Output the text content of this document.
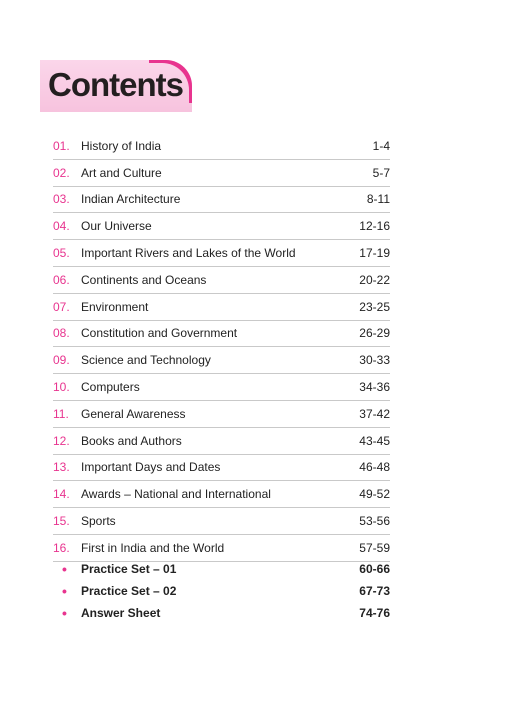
Contents
01. History of India	1-4
02. Art and Culture	5-7
03. Indian Architecture	8-11
04. Our Universe	12-16
05. Important Rivers and Lakes of the World	17-19
06. Continents and Oceans	20-22
07. Environment	23-25
08. Constitution and Government	26-29
09. Science and Technology	30-33
10. Computers	34-36
11.	General Awareness	37-42
12. Books and Authors	43-45
13. Important Days and Dates	46-48
14. Awards – National and International	49-52
15. Sports	53-56
16. First in India and the World	57-59
•	Practice Set – 01	60-66
•	Practice Set – 02	67-73
•	Answer Sheet	74-76
